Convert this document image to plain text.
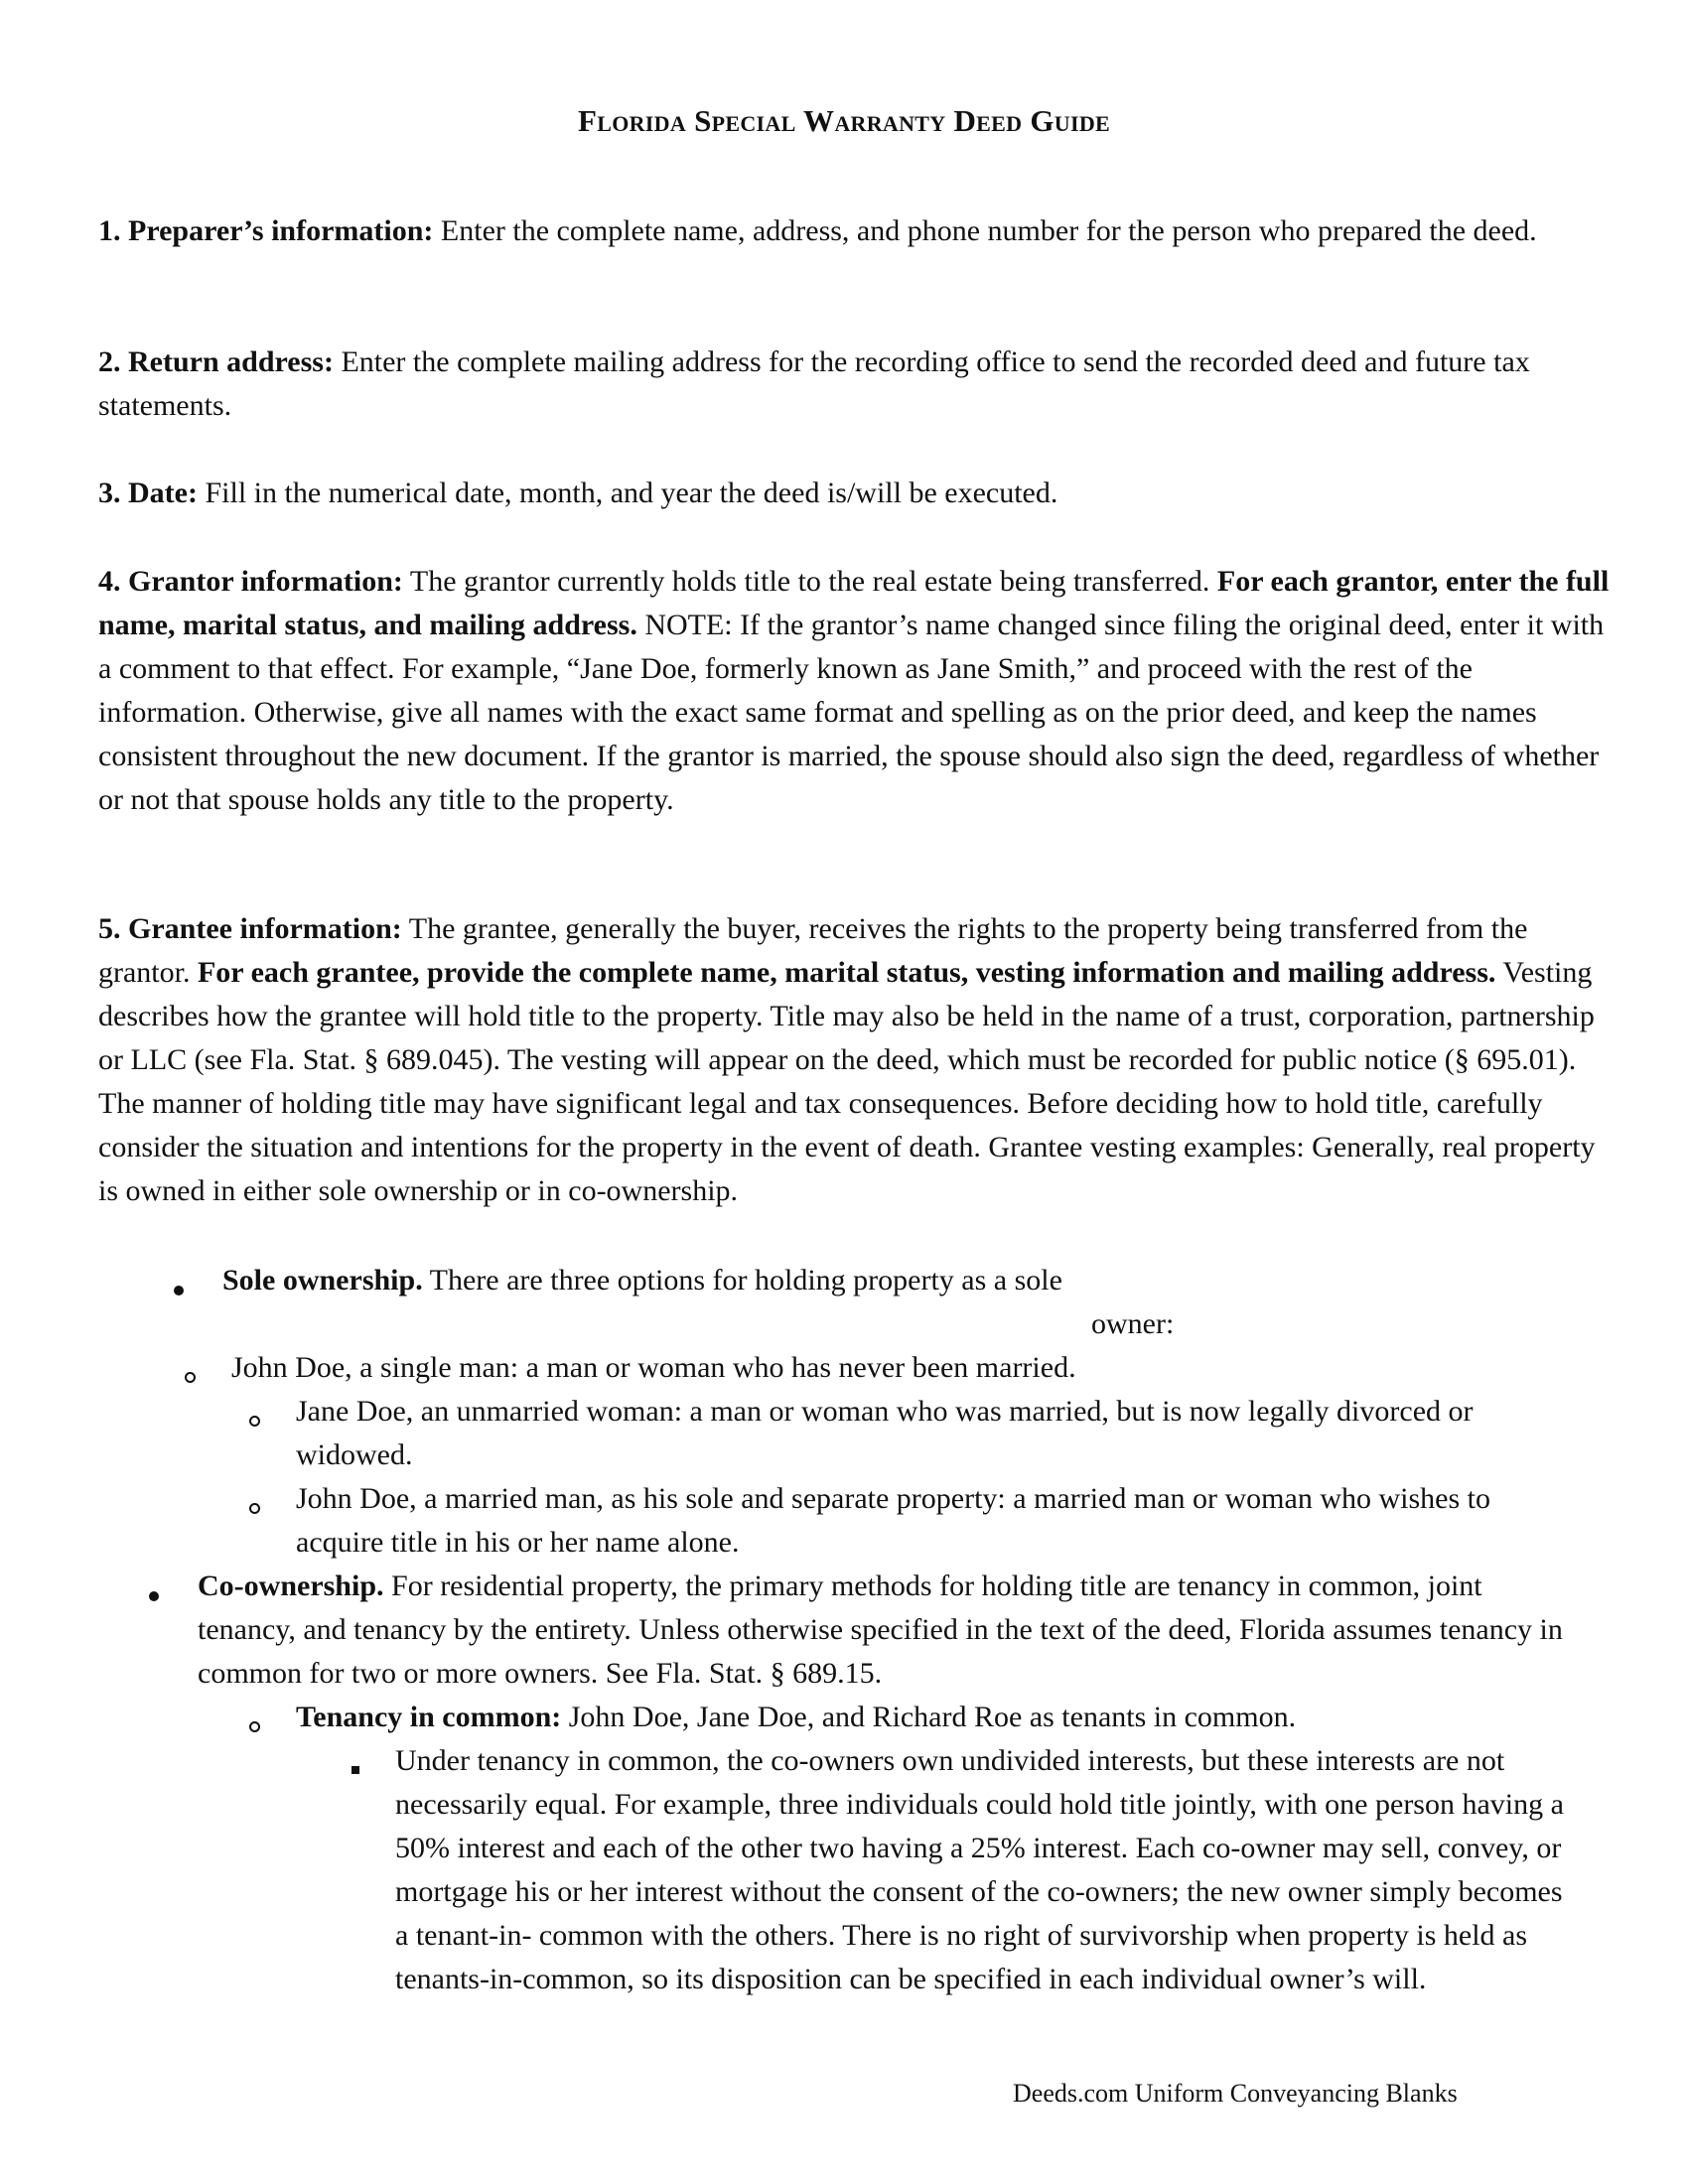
Florida Special Warranty Deed Guide

1. Preparer’s information: Enter the complete name, address, and phone number for the person who prepared the deed.

2. Return address: Enter the complete mailing address for the recording office to send the recorded deed and future tax statements.

3. Date: Fill in the numerical date, month, and year the deed is/will be executed.

4. Grantor information: The grantor currently holds title to the real estate being transferred. For each grantor, enter the full name, marital status, and mailing address. NOTE: If the grantor’s name changed since filing the original deed, enter it with a comment to that effect. For example, “Jane Doe, formerly known as Jane Smith,” and proceed with the rest of the information. Otherwise, give all names with the exact same format and spelling as on the prior deed, and keep the names consistent throughout the new document. If the grantor is married, the spouse should also sign the deed, regardless of whether or not that spouse holds any title to the property.

5. Grantee information: The grantee, generally the buyer, receives the rights to the property being transferred from the grantor. For each grantee, provide the complete name, marital status, vesting information and mailing address. Vesting describes how the grantee will hold title to the property. Title may also be held in the name of a trust, corporation, partnership or LLC (see Fla. Stat. § 689.045). The vesting will appear on the deed, which must be recorded for public notice (§ 695.01). The manner of holding title may have significant legal and tax consequences. Before deciding how to hold title, carefully consider the situation and intentions for the property in the event of death. Grantee vesting examples: Generally, real property is owned in either sole ownership or in co-ownership.

Sole ownership. There are three options for holding property as a sole
owner:
John Doe, a single man: a man or woman who has never been married.

Jane Doe, an unmarried woman: a man or woman who was married, but is now legally divorced or widowed.

John Doe, a married man, as his sole and separate property: a married man or woman who wishes to acquire title in his or her name alone.

Co-ownership. For residential property, the primary methods for holding title are tenancy in common, joint tenancy, and tenancy by the entirety. Unless otherwise specified in the text of the deed, Florida assumes tenancy in common for two or more owners. See Fla. Stat. § 689.15.

Tenancy in common: John Doe, Jane Doe, and Richard Roe as tenants in common.

Under tenancy in common, the co-owners own undivided interests, but these interests are not necessarily equal. For example, three individuals could hold title jointly, with one person having a 50% interest and each of the other two having a 25% interest. Each co-owner may sell, convey, or mortgage his or her interest without the consent of the co-owners; the new owner simply becomes a tenant-in- common with the others. There is no right of survivorship when property is held as tenants-in-common, so its disposition can be specified in each individual owner’s will.

Deeds.com Uniform Conveyancing Blanks
